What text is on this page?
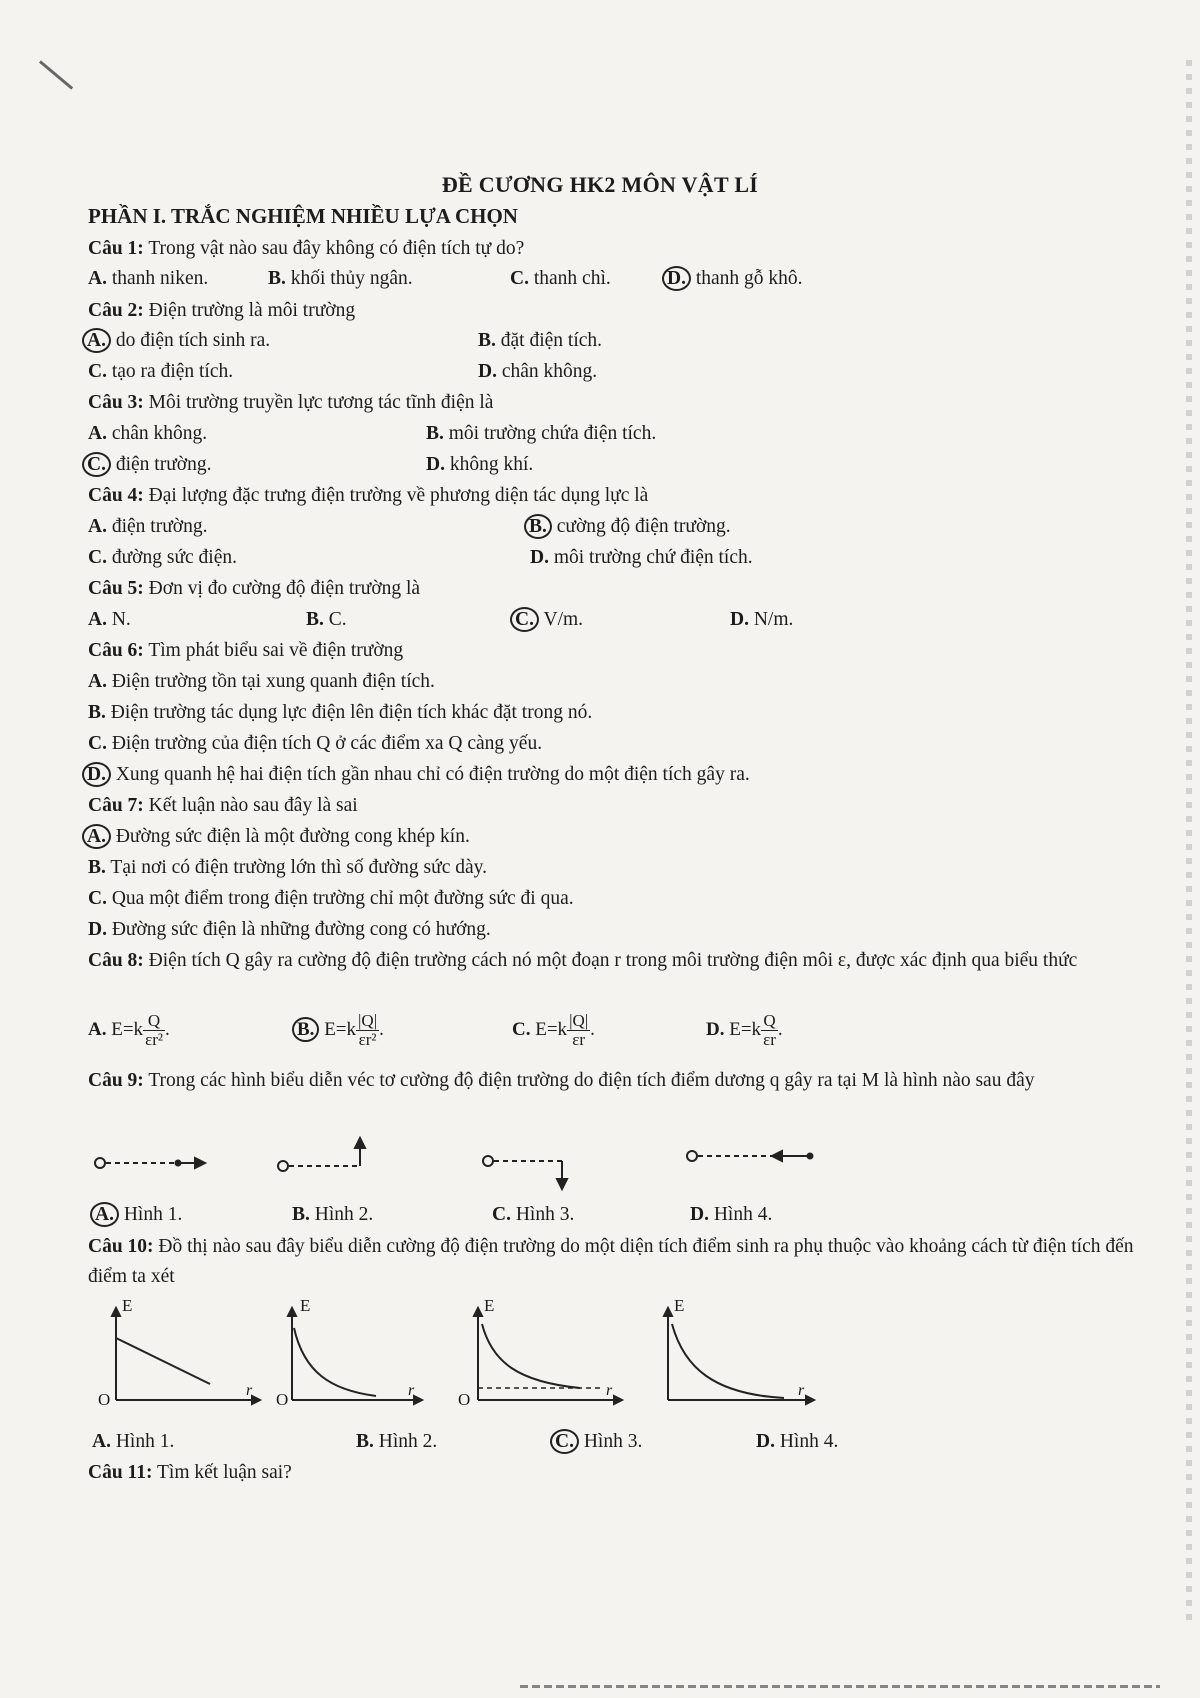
ĐỀ CƯƠNG HK2 MÔN VẬT LÍ
PHẦN I. TRẮC NGHIỆM NHIỀU LỰA CHỌN
Câu 1: Trong vật nào sau đây không có điện tích tự do?
A. thanh niken.	B. khối thủy ngân.	C. thanh chì.	D. thanh gỗ khô.
Câu 2: Điện trường là môi trường
A. do điện tích sinh ra.	B. đặt điện tích.
C. tạo ra điện tích.	D. chân không.
Câu 3: Môi trường truyền lực tương tác tĩnh điện là
A. chân không.	B. môi trường chứa điện tích.
C. điện trường.	D. không khí.
Câu 4: Đại lượng đặc trưng điện trường về phương diện tác dụng lực là
A. điện trường.	B. cường độ điện trường.
C. đường sức điện.	D. môi trường chứ điện tích.
Câu 5: Đơn vị đo cường độ điện trường là
A. N.	B. C.	C. V/m.	D. N/m.
Câu 6: Tìm phát biểu sai về điện trường
A. Điện trường tồn tại xung quanh điện tích.
B. Điện trường tác dụng lực điện lên điện tích khác đặt trong nó.
C. Điện trường của điện tích Q ở các điểm xa Q càng yếu.
D. Xung quanh hệ hai điện tích gần nhau chỉ có điện trường do một điện tích gây ra.
Câu 7: Kết luận nào sau đây là sai
A. Đường sức điện là một đường cong khép kín.
B. Tại nơi có điện trường lớn thì số đường sức dày.
C. Qua một điểm trong điện trường chỉ một đường sức đi qua.
D. Đường sức điện là những đường cong có hướng.
Câu 8: Điện tích Q gây ra cường độ điện trường cách nó một đoạn r trong môi trường điện môi ε, được xác định qua biểu thức
A. $E=k \frac{Q}{\text{εr²}}$ .	B. $E=k \frac{|Q|}{\text{εr²}}$ .	C. $E=k \frac{|Q|}{\varepsilon r}$ .	D. $E=k \frac{Q}{\varepsilon r}$ .
Câu 9: Trong các hình biểu diễn véc tơ cường độ điện trường do điện tích điểm dương q gây ra tại M là hình nào sau đây
A. Hình 1.	B. Hình 2.	C. Hình 3.	D. Hình 4.
Câu 10: Đồ thị nào sau đây biểu diễn cường độ điện trường do một diện tích điểm sinh ra phụ thuộc vào khoảng cách từ điện tích đến điểm ta xét
E
r
O
E
r
O
E
r
O
E
r
A. Hình 1.	B. Hình 2.	C. Hình 3.	D. Hình 4.
Câu 11: Tìm kết luận sai?
